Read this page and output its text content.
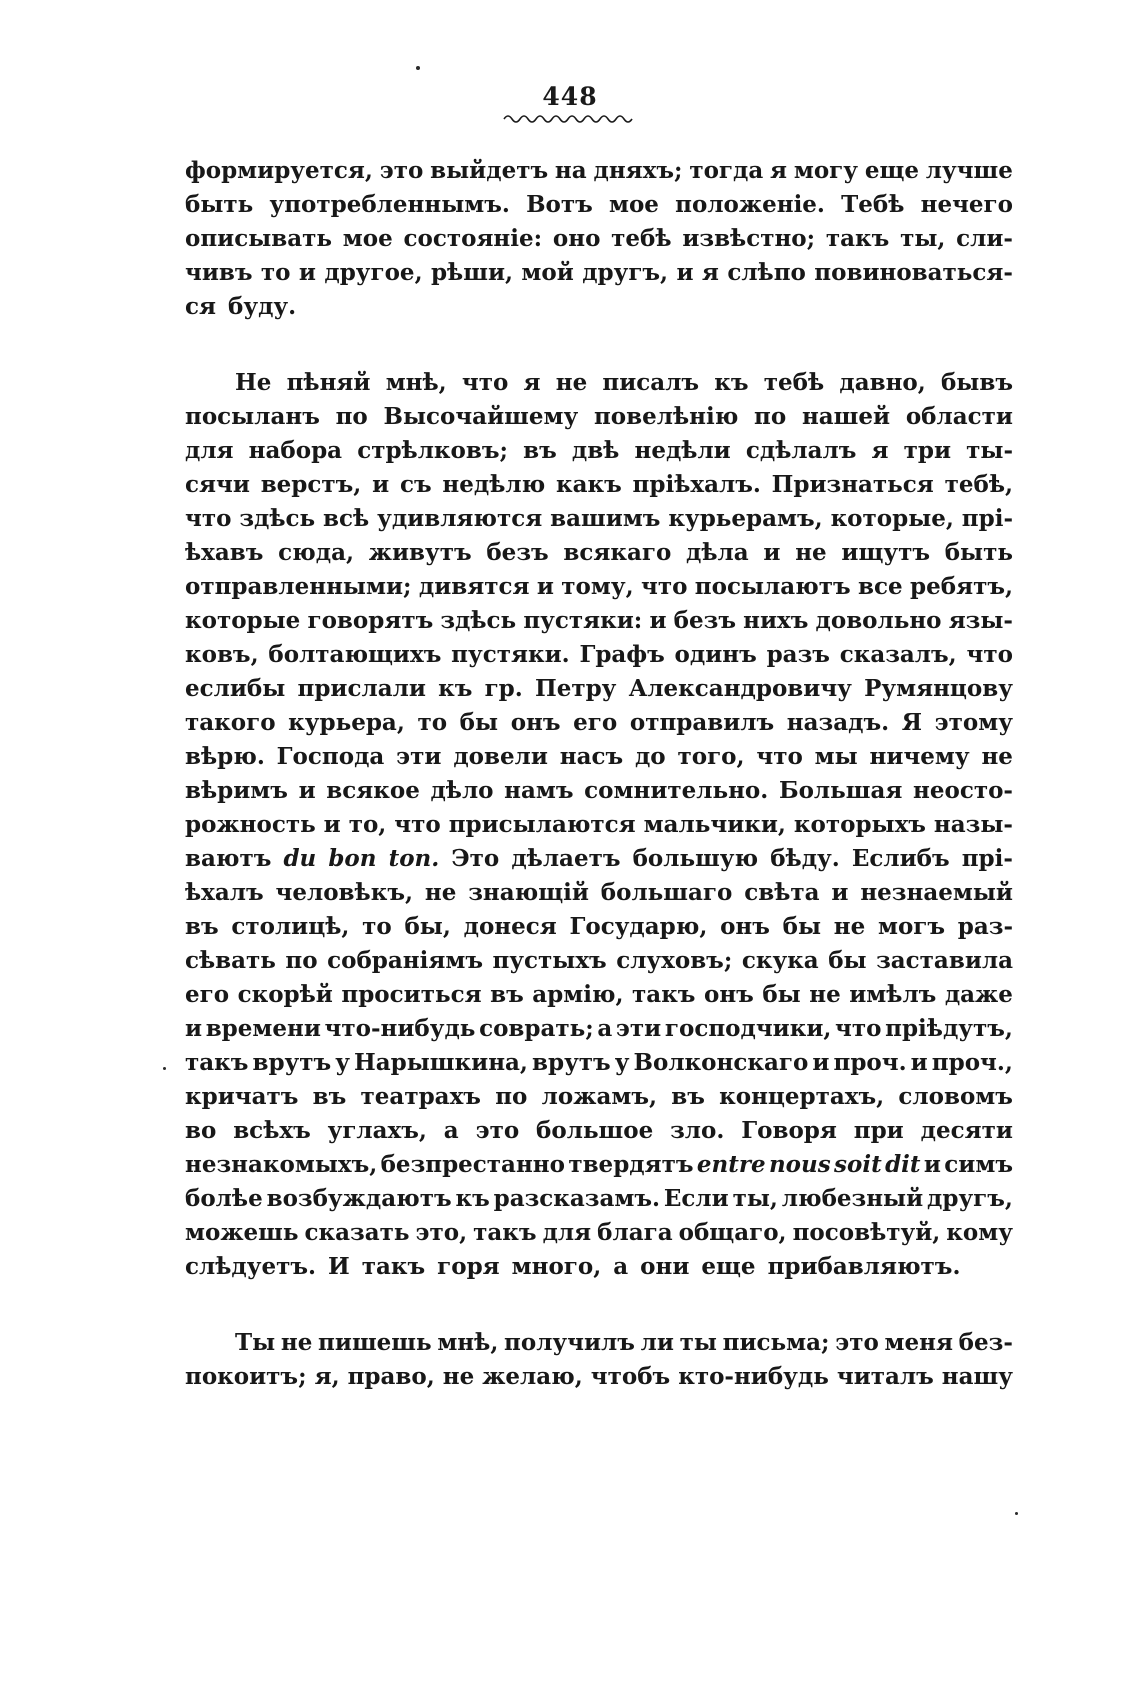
448
формируется, это выйдетъ на дняхъ; тогда я могу еще лучше
быть употребленнымъ. Вотъ мое положеніе. Тебѣ нечего
описывать мое состояніе: оно тебѣ извѣстно; такъ ты, сли-
чивъ то и другое, рѣши, мой другъ, и я слѣпо повиноваться-
ся буду.
Не пѣняй мнѣ, что я не писалъ къ тебѣ давно, бывъ
посыланъ по Высочайшему повелѣнію по нашей области
для набора стрѣлковъ; въ двѣ недѣли сдѣлалъ я три ты-
сячи верстъ, и съ недѣлю какъ пріѣхалъ. Признаться тебѣ,
что здѣсь всѣ удивляются вашимъ курьерамъ, которые, прі-
ѣхавъ сюда, живутъ безъ всякаго дѣла и не ищутъ быть
отправленными; дивятся и тому, что посылаютъ все ребятъ,
которые говорятъ здѣсь пустяки: и безъ нихъ довольно язы-
ковъ, болтающихъ пустяки. Графъ одинъ разъ сказалъ, что
еслибы прислали къ гр. Петру Александровичу Румянцову
такого курьера, то бы онъ его отправилъ назадъ. Я этому
вѣрю. Господа эти довели насъ до того, что мы ничему не
вѣримъ и всякое дѣло намъ сомнительно. Большая неосто-
рожность и то, что присылаются мальчики, которыхъ назы-
ваютъ du bon ton. Это дѣлаетъ большую бѣду. Еслибъ прі-
ѣхалъ человѣкъ, не знающій большаго свѣта и незнаемый
въ столицѣ, то бы, донеся Государю, онъ бы не могъ раз-
сѣвать по собраніямъ пустыхъ слуховъ; скука бы заставила
его скорѣй проситься въ армію, такъ онъ бы не имѣлъ даже
и времени что-нибудь соврать; а эти господчики, что пріѣдутъ,
такъ врутъ у Нарышкина, врутъ у Волконскаго и проч. и проч.,
кричатъ въ театрахъ по ложамъ, въ концертахъ, словомъ
во всѣхъ углахъ, а это большое зло. Говоря при десяти
незнакомыхъ, безпрестанно твердятъ entre nous soit dit и симъ
болѣе возбуждаютъ къ разсказамъ. Если ты, любезный другъ,
можешь сказать это, такъ для блага общаго, посовѣтуй, кому
слѣдуетъ. И такъ горя много, а они еще прибавляютъ.
Ты не пишешь мнѣ, получилъ ли ты письма; это меня без-
покоитъ; я, право, не желаю, чтобъ кто-нибудь читалъ нашу
